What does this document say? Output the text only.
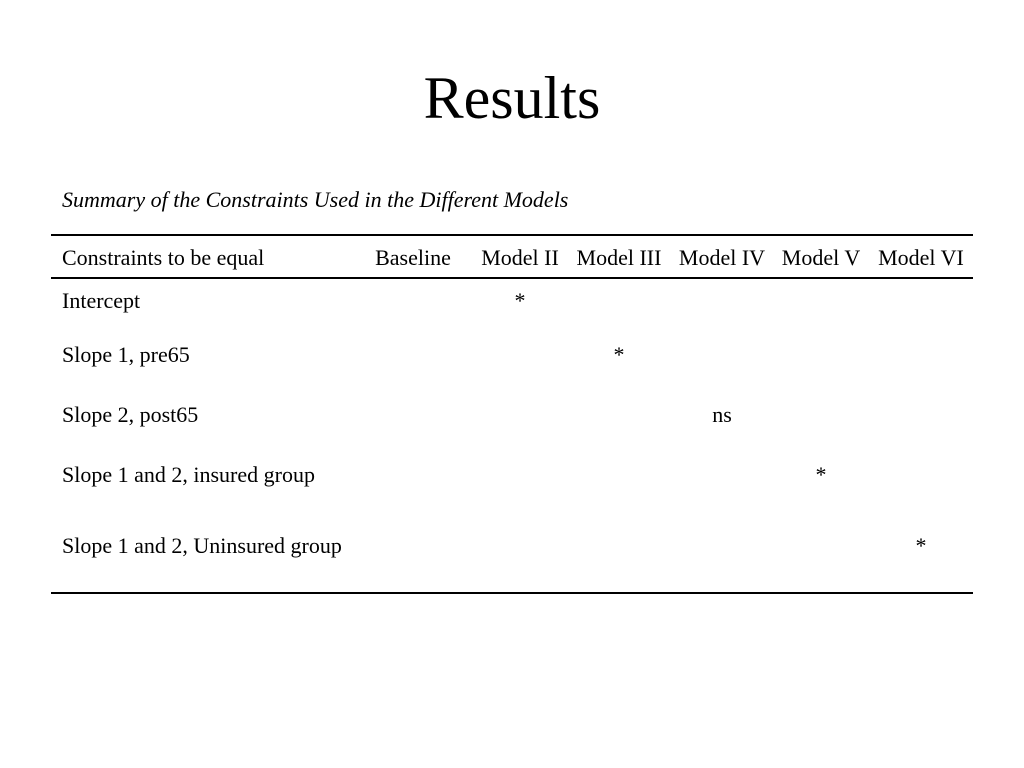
Results

Summary of the Constraints Used in the Different Models

Constraints to be equal	Baseline	Model II	Model III	Model IV	Model V	Model VI

Intercept		*				

Slope 1, pre65			*			

Slope 2, post65				ns		

Slope 1 and 2, insured group					*	

Slope 1 and 2, Uninsured group						*
